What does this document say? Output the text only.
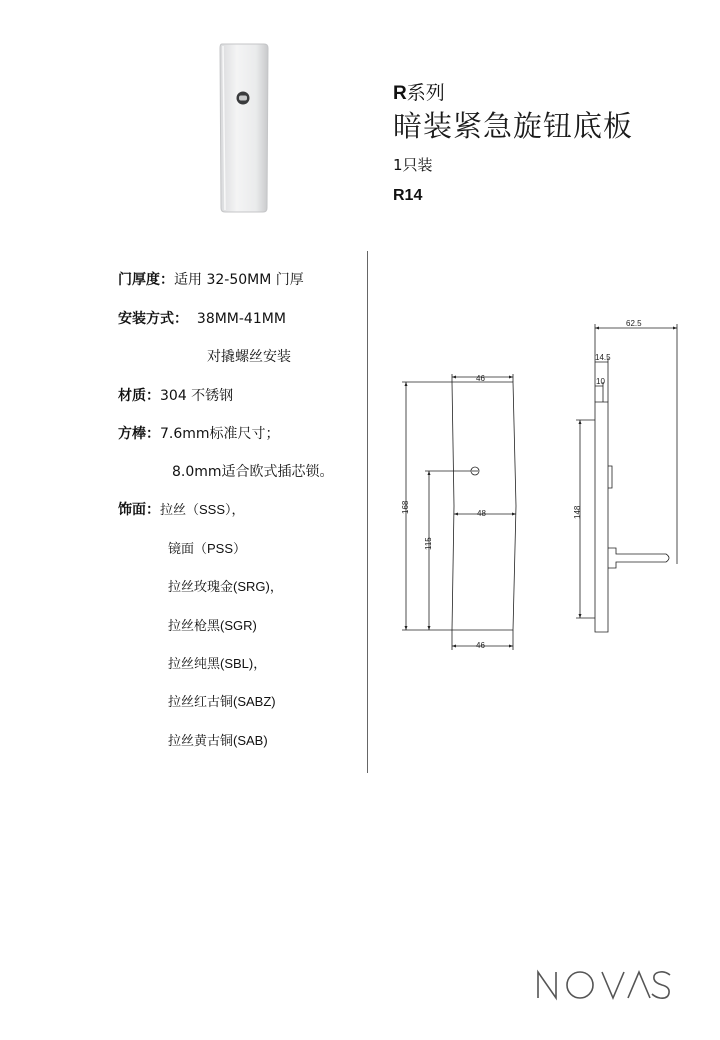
R系列
暗装紧急旋钮底板
1只装
R14
门厚度：适用 32-50MM 门厚
安装方式： 38MM-41MM
对撬螺丝安装
材质：304 不锈钢
方棒：7.6mm标准尺寸；
8.0mm适合欧式插芯锁。
饰面：拉丝（SSS），
镜面（PSS）
拉丝玫瑰金(SRG)，
拉丝枪黑(SGR)
拉丝纯黑(SBL)，
拉丝红古铜(SABZ)
拉丝黄古铜(SAB)
46
48
46
168
115
62.5
14.5
10
148
